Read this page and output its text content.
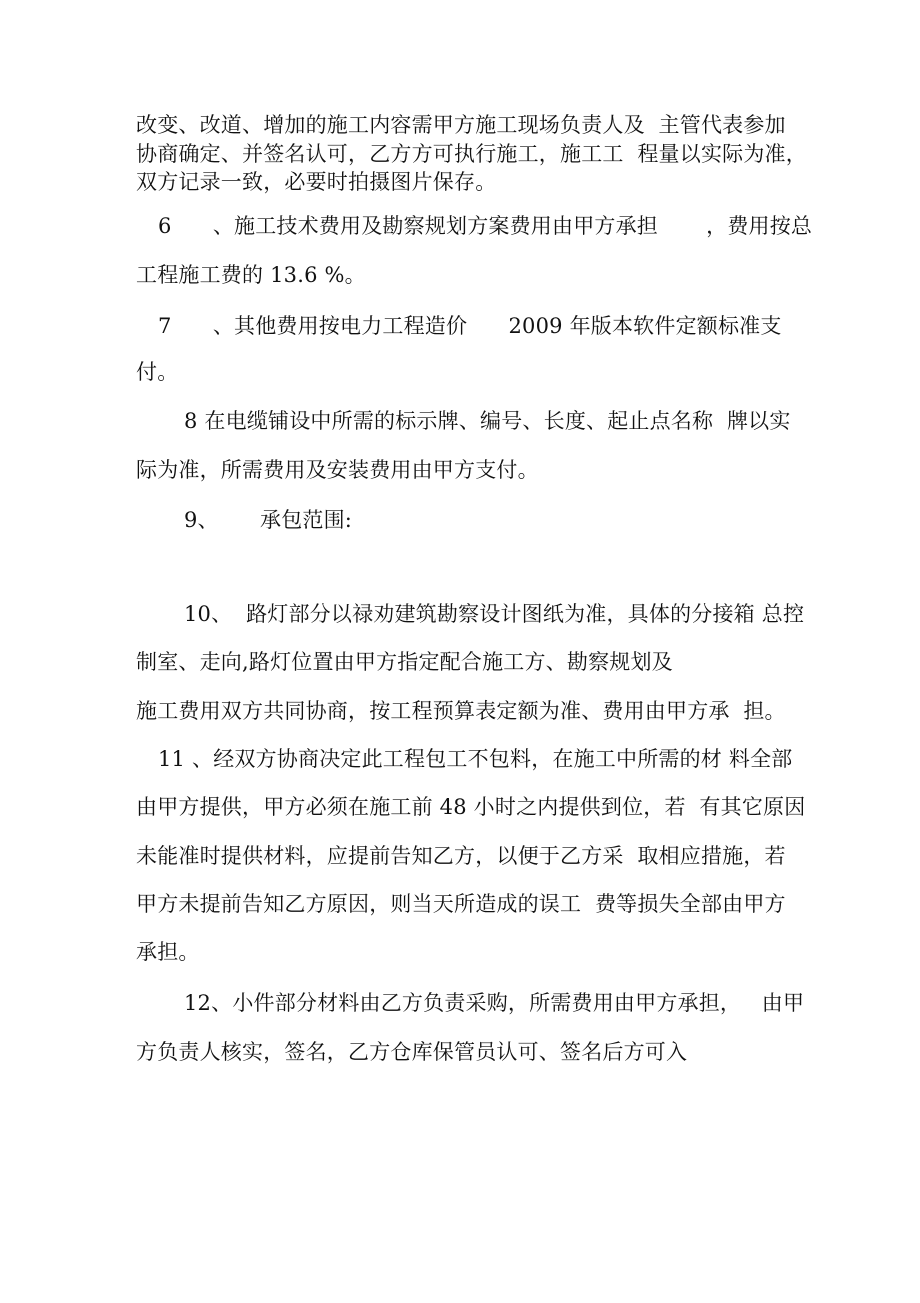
改变、改道、增加的施工内容需甲方施工现场负责人及  主管代表参加
协商确定、并签名认可，乙方方可执行施工，施工工  程量以实际为准，
双方记录一致，必要时拍摄图片保存。
6      、施工技术费用及勘察规划方案费用由甲方承担       ，费用按总
工程施工费的 13.6 %。
7      、其他费用按电力工程造价      2009 年版本软件定额标准支
付。
8 在电缆铺设中所需的标示牌、编号、长度、起止点名称  牌以实
际为准，所需费用及安装费用由甲方支付。
9、      承包范围:
10、  路灯部分以禄劝建筑勘察设计图纸为准，具体的分接箱 总控
制室、走向,路灯位置由甲方指定配合施工方、勘察规划及
施工费用双方共同协商，按工程预算表定额为准、费用由甲方承  担。
11 、经双方协商决定此工程包工不包料，在施工中所需的材 料全部
由甲方提供，甲方必须在施工前 48 小时之内提供到位，若  有其它原因
未能准时提供材料，应提前告知乙方，以便于乙方采  取相应措施，若
甲方未提前告知乙方原因，则当天所造成的误工  费等损失全部由甲方
承担。
12、小件部分材料由乙方负责采购，所需费用由甲方承担，   由甲
方负责人核实，签名，乙方仓库保管员认可、签名后方可入
